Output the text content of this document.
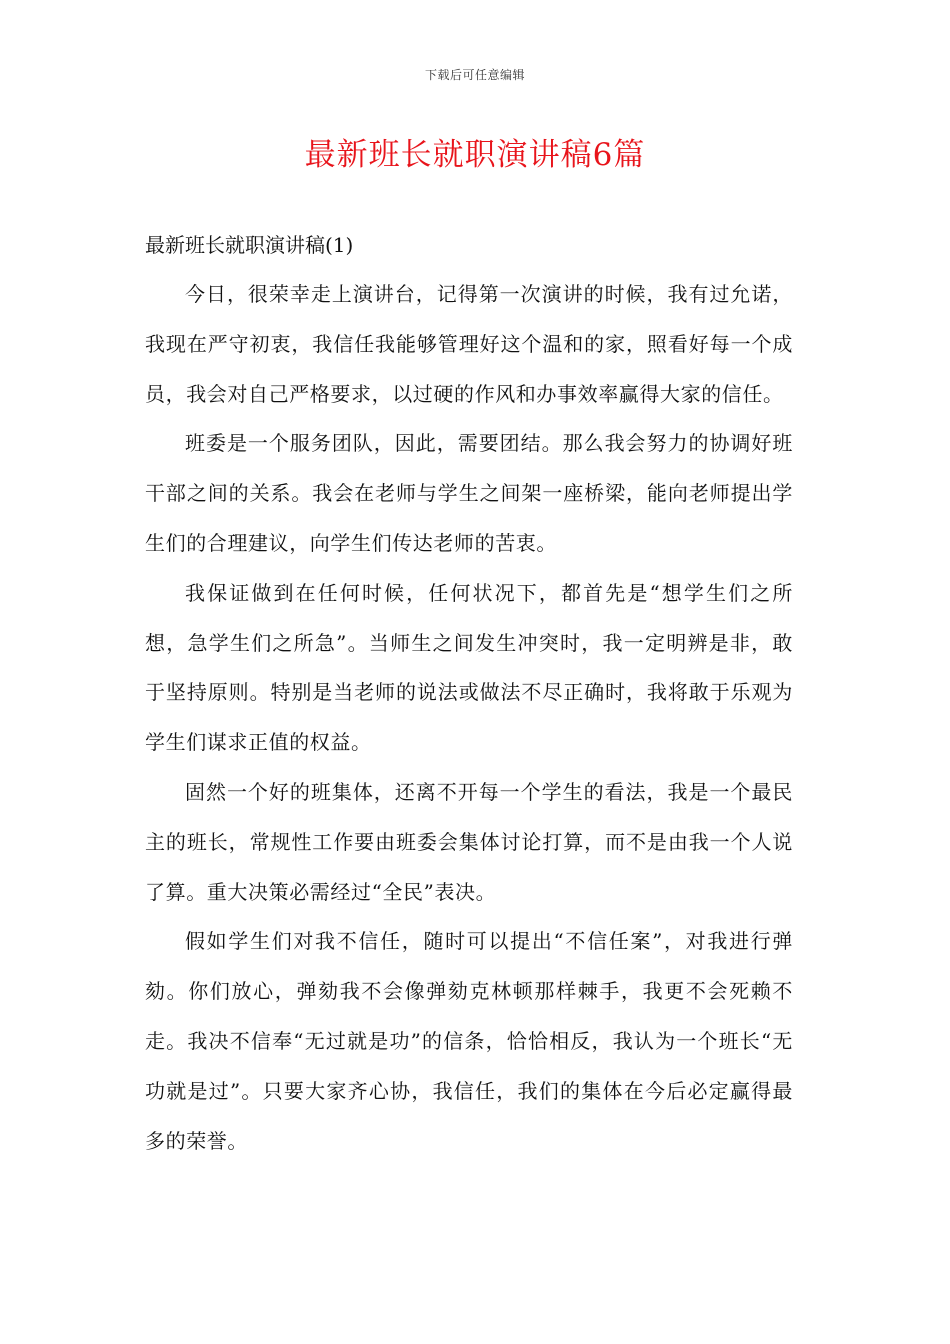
下载后可任意编辑
最新班长就职演讲稿6篇

最新班长就职演讲稿(1)

今日，很荣幸走上演讲台，记得第一次演讲的时候，我有过允诺，我现在严守初衷，我信任我能够管理好这个温和的家，照看好每一个成员，我会对自己严格要求，以过硬的作风和办事效率赢得大家的信任。

班委是一个服务团队，因此，需要团结。那么我会努力的协调好班干部之间的关系。我会在老师与学生之间架一座桥梁，能向老师提出学生们的合理建议，向学生们传达老师的苦衷。

我保证做到在任何时候，任何状况下，都首先是“想学生们之所想，急学生们之所急”。当师生之间发生冲突时，我一定明辨是非，敢于坚持原则。特别是当老师的说法或做法不尽正确时，我将敢于乐观为学生们谋求正值的权益。

固然一个好的班集体，还离不开每一个学生的看法，我是一个最民主的班长，常规性工作要由班委会集体讨论打算，而不是由我一个人说了算。重大决策必需经过“全民”表决。

假如学生们对我不信任，随时可以提出“不信任案”，对我进行弹劾。你们放心，弹劾我不会像弹劾克林顿那样棘手，我更不会死赖不走。我决不信奉“无过就是功”的信条，恰恰相反，我认为一个班长“无功就是过”。只要大家齐心协，我信任，我们的集体在今后必定赢得最多的荣誉。
